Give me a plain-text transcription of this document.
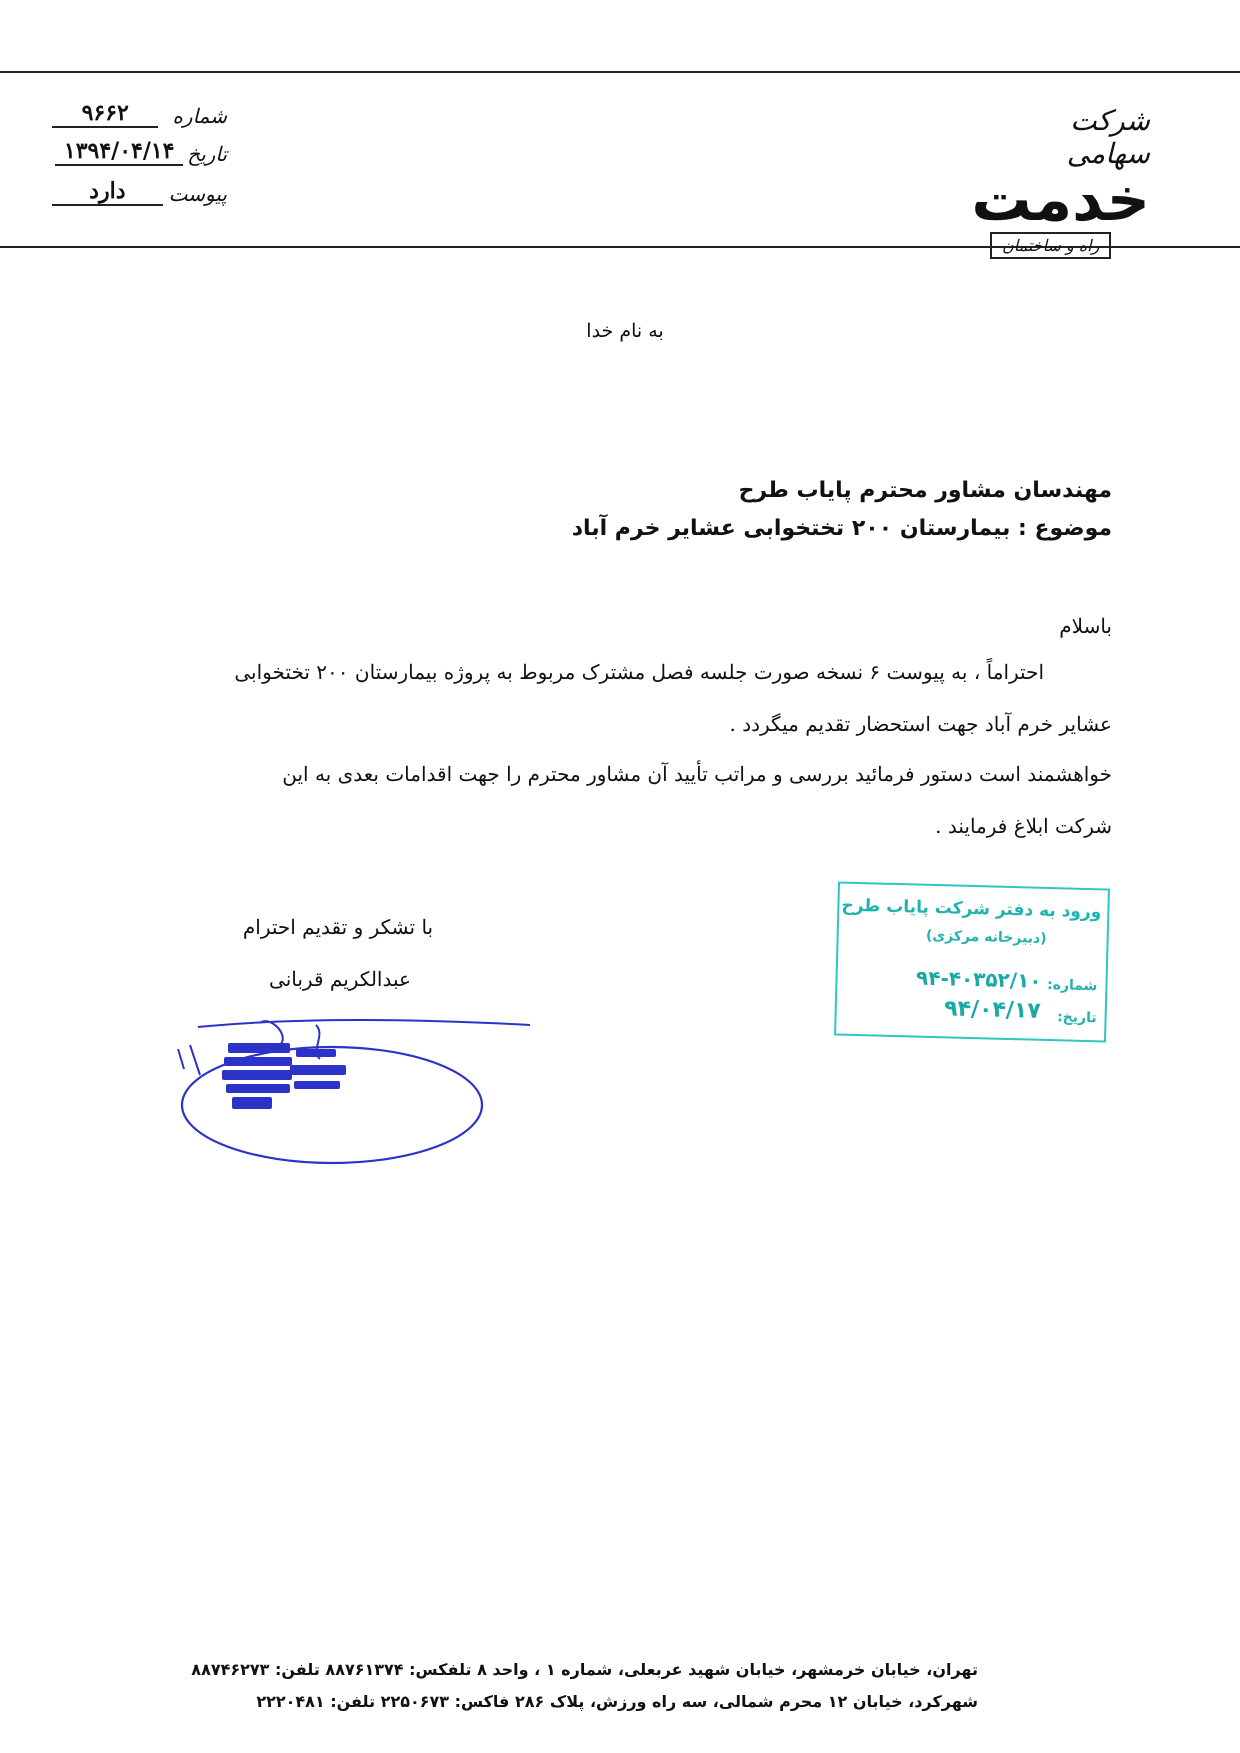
شماره
۹۶۶۲
تاریخ
۱۳۹۴/۰۴/۱۴
پیوست
دارد
شرکت سهامی
خدمت
راه و ساختمان
به نام خدا
مهندسان مشاور محترم پایاب طرح
موضوع : بیمارستان ۲۰۰ تختخوابی عشایر خرم آباد
باسلام
احتراماً ، به پیوست ۶ نسخه صورت جلسه فصل مشترک مربوط به پروژه بیمارستان ۲۰۰ تختخوابی
عشایر خرم آباد جهت استحضار تقدیم میگردد .
خواهشمند است دستور فرمائید بررسی و مراتب تأیید آن مشاور محترم را جهت اقدامات بعدی به این
شرکت ابلاغ فرمایند .
ورود به دفتر شرکت پایاب طرح
(دبیرخانه مرکزی)
شماره:
۹۴-۴۰۳۵۲/۱۰
تاریخ:
۹۴/۰۴/۱۷
با تشکر و تقدیم احترام
عبدالکریم قربانی
تهران، خیابان خرمشهر، خیابان شهید عربعلی، شماره ۱ ، واحد ۸ تلفکس: ۸۸۷۶۱۳۷۴ تلفن: ۸۸۷۴۶۲۷۳
شهرکرد، خیابان ۱۲ محرم شمالی، سه راه ورزش، پلاک ۲۸۶ فاکس: ۲۲۵۰۶۷۳ تلفن: ۲۲۲۰۴۸۱
